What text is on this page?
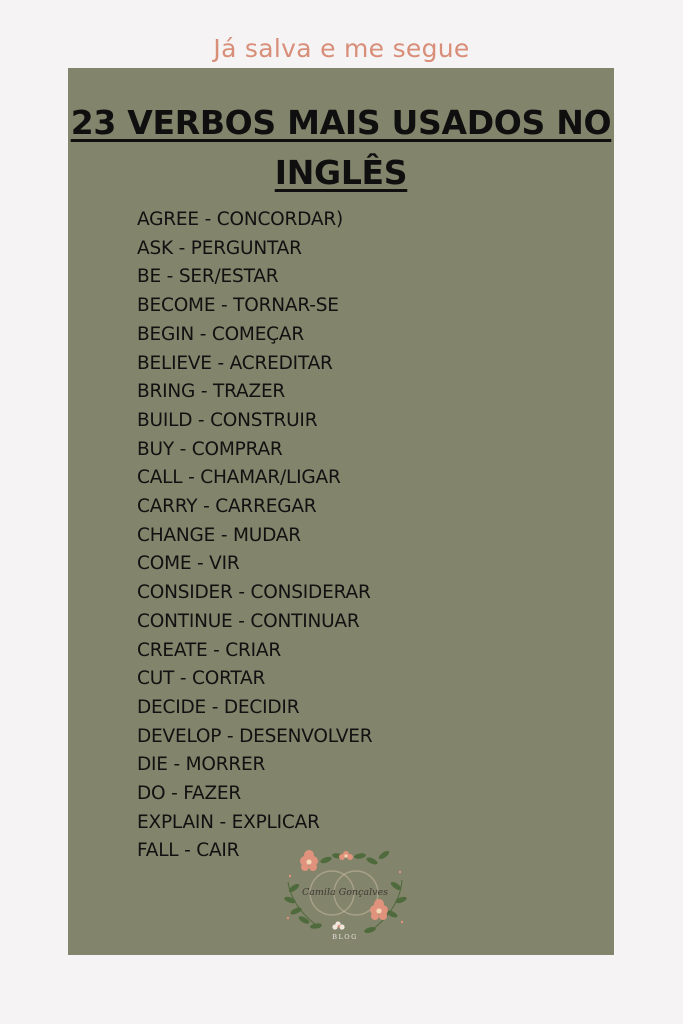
Já salva e me segue
23 VERBOS MAIS USADOS NO
INGLÊS
AGREE - CONCORDAR)
ASK - PERGUNTAR
BE - SER/ESTAR
BECOME - TORNAR-SE
BEGIN - COMEÇAR
BELIEVE - ACREDITAR
BRING - TRAZER
BUILD - CONSTRUIR
BUY - COMPRAR
CALL - CHAMAR/LIGAR
CARRY - CARREGAR
CHANGE - MUDAR
COME - VIR
CONSIDER - CONSIDERAR
CONTINUE - CONTINUAR
CREATE - CRIAR
CUT - CORTAR
DECIDE - DECIDIR
DEVELOP - DESENVOLVER
DIE - MORRER
DO - FAZER
EXPLAIN - EXPLICAR
FALL - CAIR
Camila Gonçalves
BLOG
